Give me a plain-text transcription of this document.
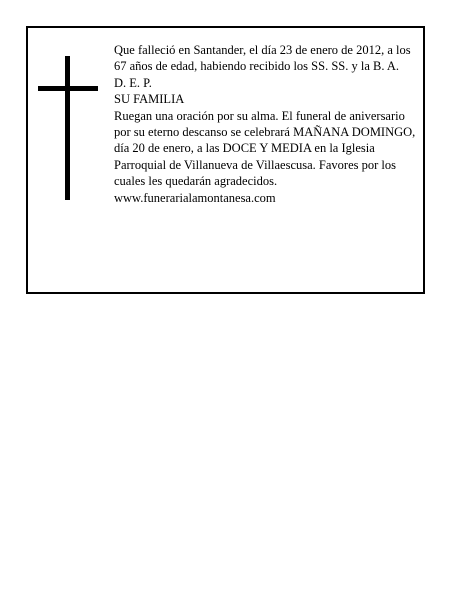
Que falleció en Santander, el día 23 de enero de 2012, a los 67 años de edad, habiendo recibido los SS. SS. y la B. A.

D. E. P.

SU FAMILIA

Ruegan una oración por su alma. El funeral de aniversario por su eterno descanso se celebrará MAÑANA DOMINGO, día 20 de enero, a las DOCE Y MEDIA en la Iglesia Parroquial de Villanueva de Villaescusa. Favores por los cuales les quedarán agradecidos.

www.funerarialamontanesa.com
